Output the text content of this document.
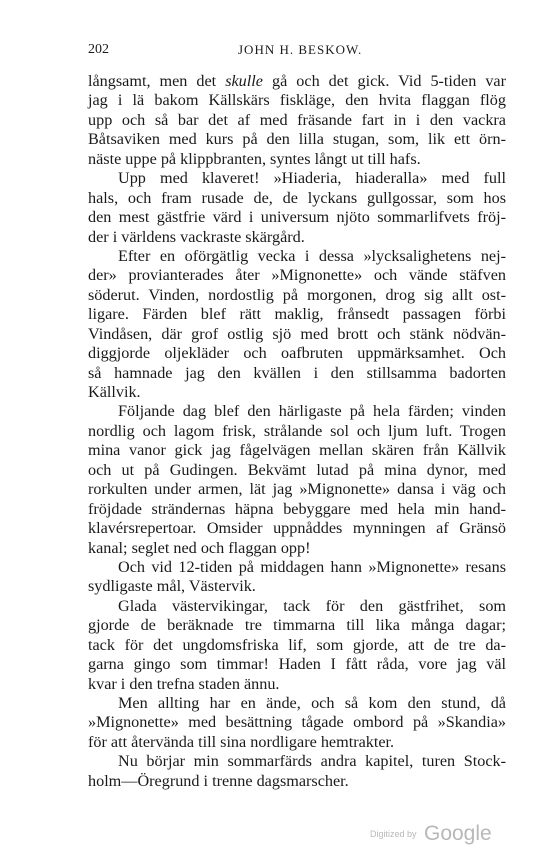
202	JOHN H. BESKOW.
långsamt, men det skulle gå och det gick. Vid 5-tiden var
jag i lä bakom Källskärs fiskläge, den hvita flaggan flög
upp och så bar det af med fräsande fart in i den vackra
Båtsaviken med kurs på den lilla stugan, som, lik ett örn-
näste uppe på klippbranten, syntes långt ut till hafs.
Upp med klaveret! »Hiaderia, hiaderalla» med full
hals, och fram rusade de, de lyckans gullgossar, som hos
den mest gästfrie värd i universum njöto sommarlifvets fröj-
der i världens vackraste skärgård.
Efter en oförgätlig vecka i dessa »lycksalighetens nej-
der» provianterades åter »Mignonette» och vände stäfven
söderut. Vinden, nordostlig på morgonen, drog sig allt ost-
ligare. Färden blef rätt maklig, frånsedt passagen förbi
Vindåsen, där grof ostlig sjö med brott och stänk nödvän-
diggjorde oljekläder och oafbruten uppmärksamhet. Och
så hamnade jag den kvällen i den stillsamma badorten
Källvik.
Följande dag blef den härligaste på hela färden; vinden
nordlig och lagom frisk, strålande sol och ljum luft. Trogen
mina vanor gick jag fågelvägen mellan skären från Källvik
och ut på Gudingen. Bekvämt lutad på mina dynor, med
rorkulten under armen, lät jag »Mignonette» dansa i väg och
fröjdade strändernas häpna bebyggare med hela min hand-
klavérsrepertoar. Omsider uppnåddes mynningen af Gränsö
kanal; seglet ned och flaggan opp!
Och vid 12-tiden på middagen hann »Mignonette» resans
sydligaste mål, Västervik.
Glada västervikingar, tack för den gästfrihet, som
gjorde de beräknade tre timmarna till lika många dagar;
tack för det ungdomsfriska lif, som gjorde, att de tre da-
garna gingo som timmar! Haden I fått råda, vore jag väl
kvar i den trefna staden ännu.
Men allting har en ände, och så kom den stund, då
»Mignonette» med besättning tågade ombord på »Skandia»
för att återvända till sina nordligare hemtrakter.
Nu börjar min sommarfärds andra kapitel, turen Stock-
holm—Öregrund i trenne dagsmarscher.
Digitized by Google
